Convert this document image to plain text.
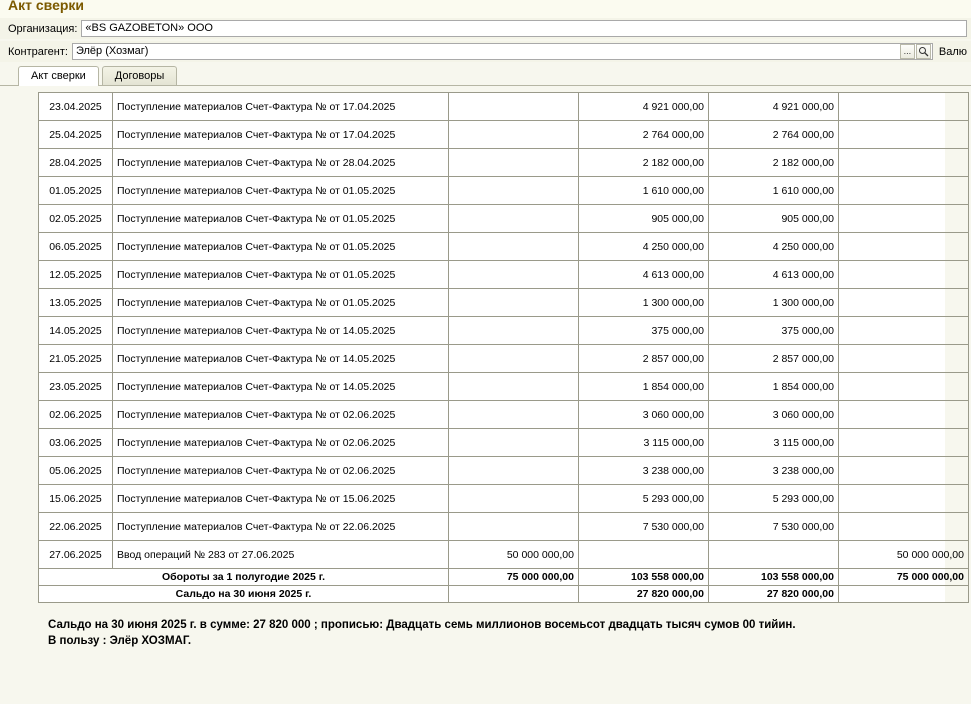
Акт сверки
Организация: «BS GAZOBETON» ООО
Контрагент: Элёр (Хозмаг)	...	Валю
Акт сверки	Договоры
23.04.2025	Поступление материалов Счет-Фактура № от 17.04.2025		4 921 000,00	4 921 000,00	
25.04.2025	Поступление материалов Счет-Фактура № от 17.04.2025		2 764 000,00	2 764 000,00	
28.04.2025	Поступление материалов Счет-Фактура № от 28.04.2025		2 182 000,00	2 182 000,00	
01.05.2025	Поступление материалов Счет-Фактура № от 01.05.2025		1 610 000,00	1 610 000,00	
02.05.2025	Поступление материалов Счет-Фактура № от 01.05.2025		905 000,00	905 000,00	
06.05.2025	Поступление материалов Счет-Фактура № от 01.05.2025		4 250 000,00	4 250 000,00	
12.05.2025	Поступление материалов Счет-Фактура № от 01.05.2025		4 613 000,00	4 613 000,00	
13.05.2025	Поступление материалов Счет-Фактура № от 01.05.2025		1 300 000,00	1 300 000,00	
14.05.2025	Поступление материалов Счет-Фактура № от 14.05.2025		375 000,00	375 000,00	
21.05.2025	Поступление материалов Счет-Фактура № от 14.05.2025		2 857 000,00	2 857 000,00	
23.05.2025	Поступление материалов Счет-Фактура № от 14.05.2025		1 854 000,00	1 854 000,00	
02.06.2025	Поступление материалов Счет-Фактура № от 02.06.2025		3 060 000,00	3 060 000,00	
03.06.2025	Поступление материалов Счет-Фактура № от 02.06.2025		3 115 000,00	3 115 000,00	
05.06.2025	Поступление материалов Счет-Фактура № от 02.06.2025		3 238 000,00	3 238 000,00	
15.06.2025	Поступление материалов Счет-Фактура № от 15.06.2025		5 293 000,00	5 293 000,00	
22.06.2025	Поступление материалов Счет-Фактура № от 22.06.2025		7 530 000,00	7 530 000,00	
27.06.2025	Ввод операций № 283 от 27.06.2025	50 000 000,00			50 000 000,00
Обороты за 1 полугодие 2025 г.		75 000 000,00	103 558 000,00	103 558 000,00	75 000 000,00
Сальдо на 30 июня 2025 г.			27 820 000,00	27 820 000,00	
Сальдо на 30 июня 2025 г. в сумме: 27 820 000 ; прописью: Двадцать семь миллионов восемьсот двадцать тысяч сумов 00 тийин.
В пользу : Элёр ХОЗМАГ.
